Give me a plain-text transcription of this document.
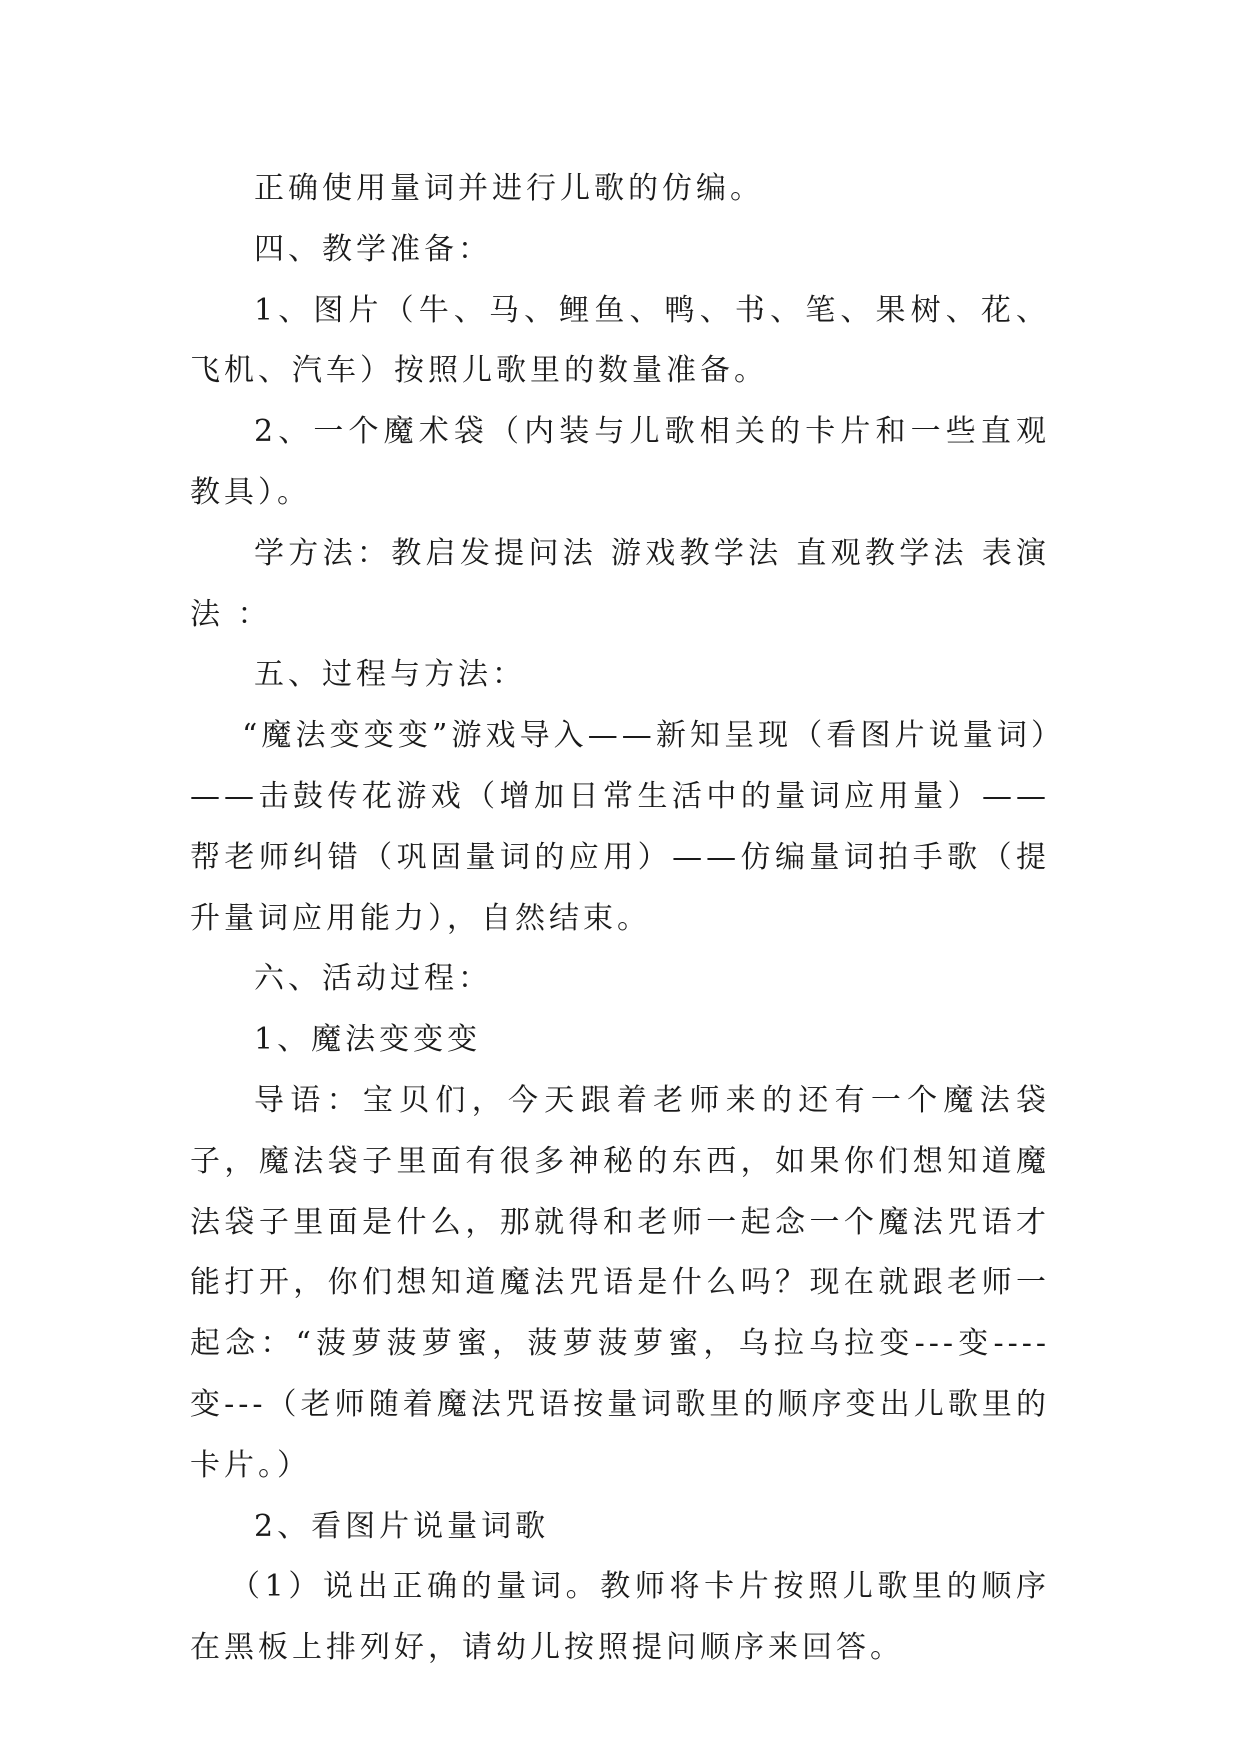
正确使用量词并进行儿歌的仿编。

四、教学准备：

1、图片（牛、马、鲤鱼、鸭、书、笔、果树、花、飞机、汽车）按照儿歌里的数量准备。

2、一个魔术袋（内装与儿歌相关的卡片和一些直观教具）。

学方法：教启发提问法 游戏教学法 直观教学法 表演法 ：

五、过程与方法：

“魔法变变变”游戏导入——新知呈现（看图片说量词）——击鼓传花游戏（增加日常生活中的量词应用量）——帮老师纠错（巩固量词的应用）——仿编量词拍手歌（提升量词应用能力），自然结束。

六、活动过程：

1、魔法变变变

导语：宝贝们，今天跟着老师来的还有一个魔法袋子，魔法袋子里面有很多神秘的东西，如果你们想知道魔法袋子里面是什么，那就得和老师一起念一个魔法咒语才能打开，你们想知道魔法咒语是什么吗？现在就跟老师一起念：“菠萝菠萝蜜，菠萝菠萝蜜，乌拉乌拉变---变----变---（老师随着魔法咒语按量词歌里的顺序变出儿歌里的卡片。）

2、看图片说量词歌

（1）说出正确的量词。教师将卡片按照儿歌里的顺序在黑板上排列好，请幼儿按照提问顺序来回答。
